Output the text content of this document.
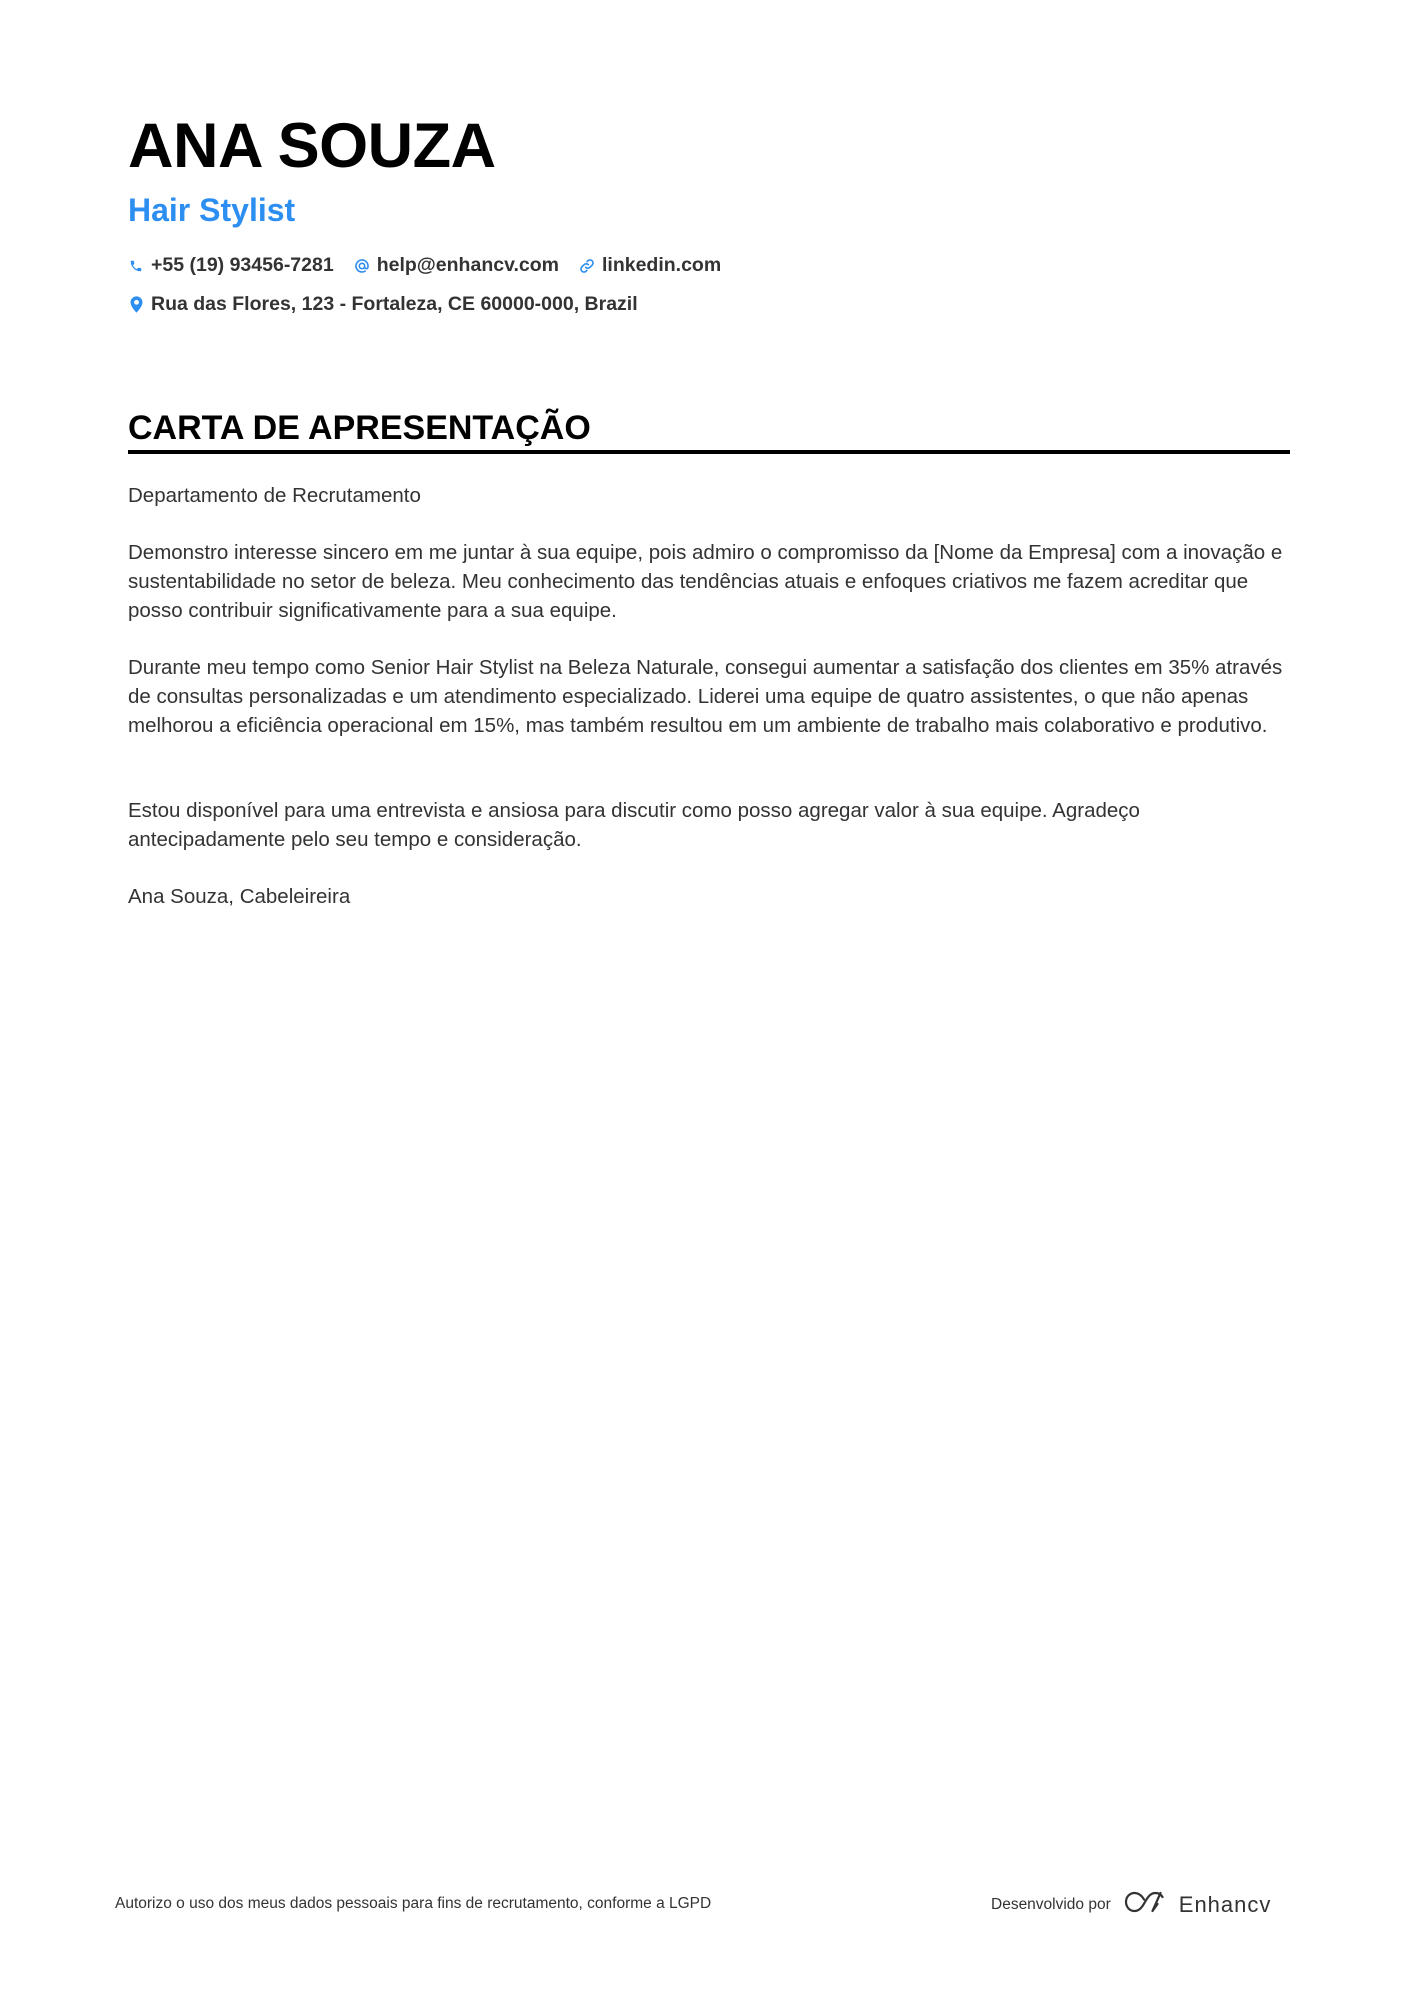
ANA SOUZA
Hair Stylist
+55 (19) 93456-7281 help@enhancv.com linkedin.com
Rua das Flores, 123 - Fortaleza, CE 60000-000, Brazil
CARTA DE APRESENTAÇÃO

Departamento de Recrutamento

Demonstro interesse sincero em me juntar à sua equipe, pois admiro o compromisso da [Nome da Empresa] com a inovação e sustentabilidade no setor de beleza. Meu conhecimento das tendências atuais e enfoques criativos me fazem acreditar que posso contribuir significativamente para a sua equipe.

Durante meu tempo como Senior Hair Stylist na Beleza Naturale, consegui aumentar a satisfação dos clientes em 35% através de consultas personalizadas e um atendimento especializado. Liderei uma equipe de quatro assistentes, o que não apenas melhorou a eficiência operacional em 15%, mas também resultou em um ambiente de trabalho mais colaborativo e produtivo.

Estou disponível para uma entrevista e ansiosa para discutir como posso agregar valor à sua equipe. Agradeço antecipadamente pelo seu tempo e consideração.

Ana Souza, Cabeleireira

Autorizo o uso dos meus dados pessoais para fins de recrutamento, conforme a LGPD	Desenvolvido por	Enhancv
